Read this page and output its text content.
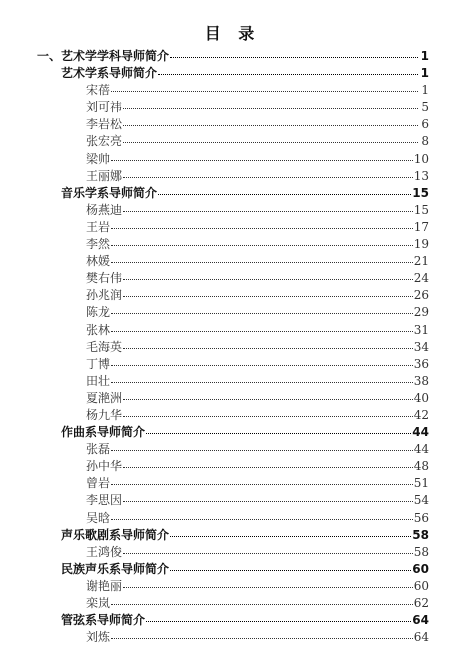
目 录
一、艺术学学科导师简介	1
艺术学系导师简介	1
宋蓓	1
刘可祎	5
李岩松	6
张宏亮	8
梁帅	10
王丽娜	13
音乐学系导师简介	15
杨燕迪	15
王岩	17
李然	19
林媛	21
樊右伟	24
孙兆润	26
陈龙	29
张林	31
毛海英	34
丁博	36
田壮	38
夏滟洲	40
杨九华	42
作曲系导师简介	44
张磊	44
孙中华	48
曾岩	51
李思因	54
吴晗	56
声乐歌剧系导师简介	58
王鸿俊	58
民族声乐系导师简介	60
谢艳丽	60
栾岚	62
管弦系导师简介	64
刘炼	64
